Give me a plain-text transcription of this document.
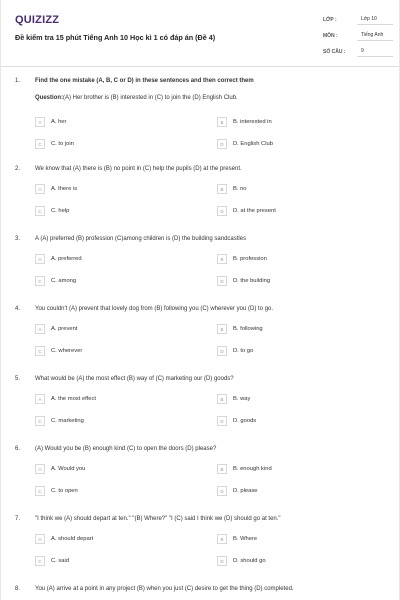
QUIZIZZ
Đề kiểm tra 15 phút Tiếng Anh 10 Học kì 1 có đáp án (Đề 4)
LỚP :	Lớp 10
MÔN :	Tiếng Anh
SỐ CÂU :	9
1. Find the one mistake (A, B, C or D) in these sentences and then correct them
Question:(A) Her brother is (B) interested in (C) to join the (D) English Club.
A	A. her	B	B. interested in
C	C. to join	D	D. English Club
2. We know that (A) there is (B) no point in (C) help the pupils (D) at the present.
A	A. there is	B	B. no
C	C. help	D	D. at the present
3. A (A) preferred (B) profession (C)among children is (D) the building sandcastles
A	A. preferred	B	B. profession
C	C. among	D	D. the building
4. You couldn't (A) prevent that lovely dog from (B) following you (C) wherever you (D) to go.
A	A. prevent	B	B. following
C	C. wherever	D	D. to go
5. What would be (A) the most effect (B) way of (C) marketing our (D) goods?
A	A. the most effect	B	B. way
C	C. marketing	D	D. goods
6. (A) Would you be (B) enough kind (C) to open the doors (D) please?
A	A. Would you	B	B. enough kind
C	C. to open	D	D. please
7. "I think we (A) should depart at ten." "(B) Where?" "I (C) said I think we (D) should go at ten."
A	A. should depart	B	B. Where
C	C. said	D	D. should go
8. You (A) arrive at a point in any project (B) when you just (C) desire to get the thing (D) completed.
